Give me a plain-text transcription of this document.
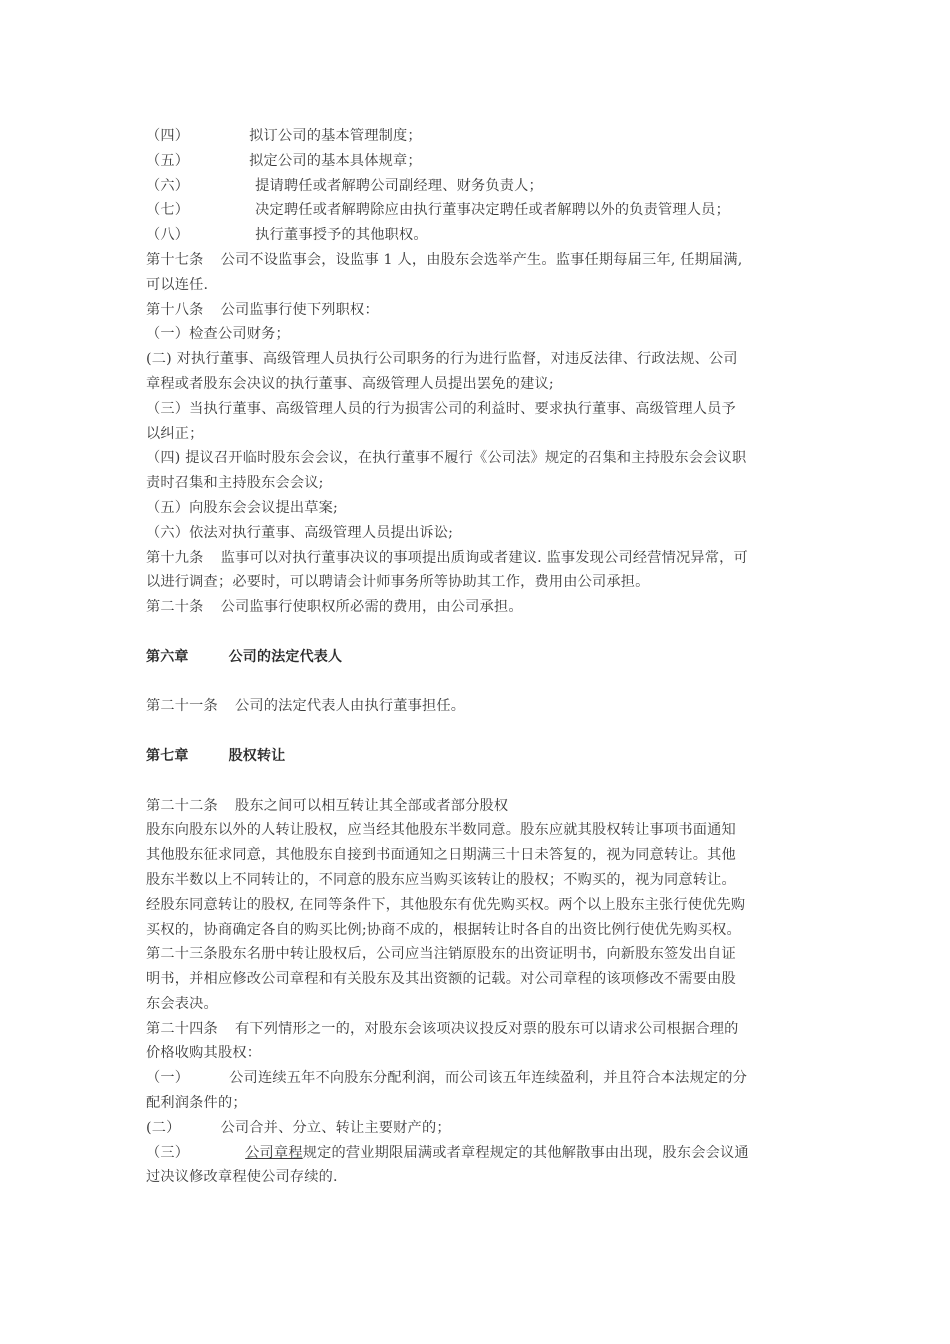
（四）	拟订公司的基本管理制度；
（五）	拟定公司的基本具体规章；
（六）	提请聘任或者解聘公司副经理、财务负责人；
（七）	决定聘任或者解聘除应由执行董事决定聘任或者解聘以外的负责管理人员；
（八）	执行董事授予的其他职权。
第十七条 公司不设监事会，设监事 1 人，由股东会选举产生。监事任期每届三年, 任期届满,
可以连任.
第十八条 公司监事行使下列职权：
（一）检查公司财务；
(二) 对执行董事、高级管理人员执行公司职务的行为进行监督，对违反法律、行政法规、公司
章程或者股东会决议的执行董事、高级管理人员提出罢免的建议;
（三）当执行董事、高级管理人员的行为损害公司的利益时、要求执行董事、高级管理人员予
以纠正；
（四) 提议召开临时股东会会议，在执行董事不履行《公司法》规定的召集和主持股东会会议职
责时召集和主持股东会会议;
（五）向股东会会议提出草案;
（六）依法对执行董事、高级管理人员提出诉讼;
第十九条 监事可以对执行董事决议的事项提出质询或者建议. 监事发现公司经营情况异常，可
以进行调查；必要时，可以聘请会计师事务所等协助其工作，费用由公司承担。
第二十条 公司监事行使职权所必需的费用，由公司承担。
第六章	公司的法定代表人
第二十一条 公司的法定代表人由执行董事担任。
第七章	股权转让
第二十二条 股东之间可以相互转让其全部或者部分股权
股东向股东以外的人转让股权，应当经其他股东半数同意。股东应就其股权转让事项书面通知
其他股东征求同意，其他股东自接到书面通知之日期满三十日未答复的，视为同意转让。其他
股东半数以上不同转让的，不同意的股东应当购买该转让的股权；不购买的，视为同意转让。
经股东同意转让的股权, 在同等条件下，其他股东有优先购买权。两个以上股东主张行使优先购
买权的，协商确定各自的购买比例;协商不成的，根据转让时各自的出资比例行使优先购买权。
第二十三条股东名册中转让股权后，公司应当注销原股东的出资证明书，向新股东签发出自证
明书，并相应修改公司章程和有关股东及其出资额的记载。对公司章程的该项修改不需要由股
东会表决。
第二十四条 有下列情形之一的，对股东会该项决议投反对票的股东可以请求公司根据合理的
价格收购其股权：
（一）	公司连续五年不向股东分配利润，而公司该五年连续盈利，并且符合本法规定的分
配利润条件的；
(二）	公司合并、分立、转让主要财产的；
（三）	公司章程规定的营业期限届满或者章程规定的其他解散事由出现，股东会会议通
过决议修改章程使公司存续的.
